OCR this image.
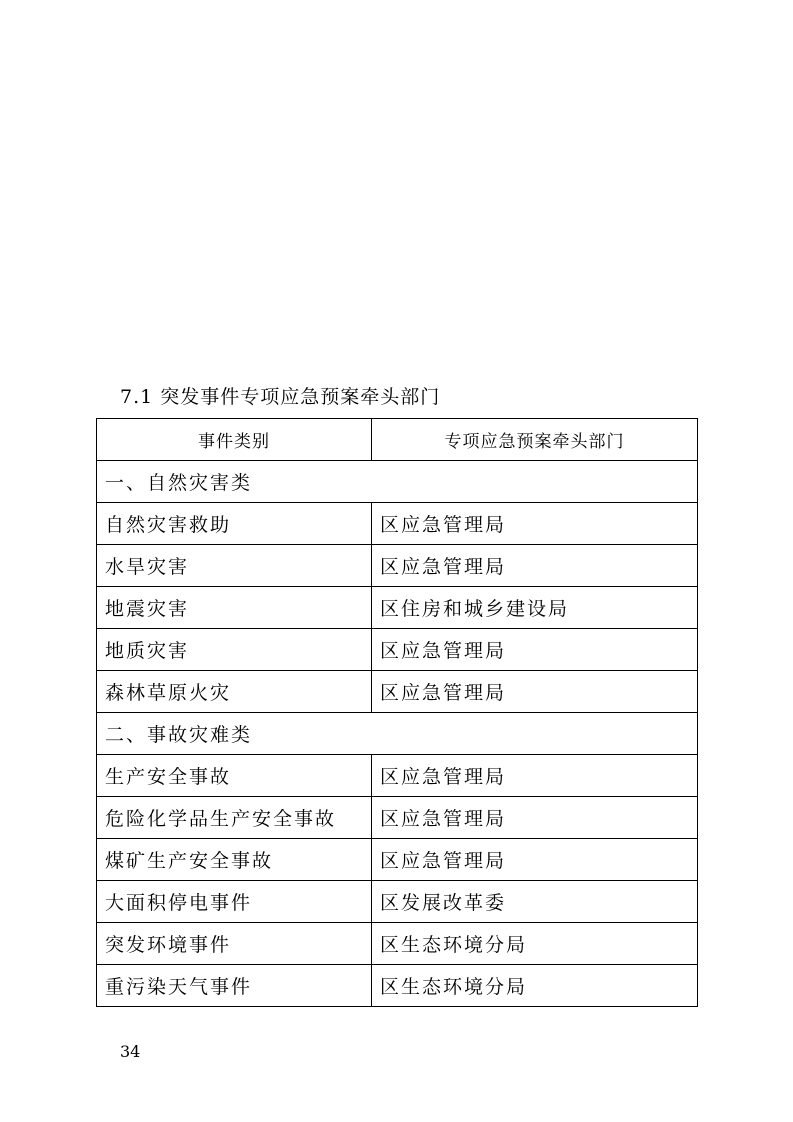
7.1 突发事件专项应急预案牵头部门
事件类别	专项应急预案牵头部门
一、自然灾害类	
自然灾害救助	区应急管理局
水旱灾害	区应急管理局
地震灾害	区住房和城乡建设局
地质灾害	区应急管理局
森林草原火灾	区应急管理局
二、事故灾难类	
生产安全事故	区应急管理局
危险化学品生产安全事故	区应急管理局
煤矿生产安全事故	区应急管理局
大面积停电事件	区发展改革委
突发环境事件	区生态环境分局
重污染天气事件	区生态环境分局
34
